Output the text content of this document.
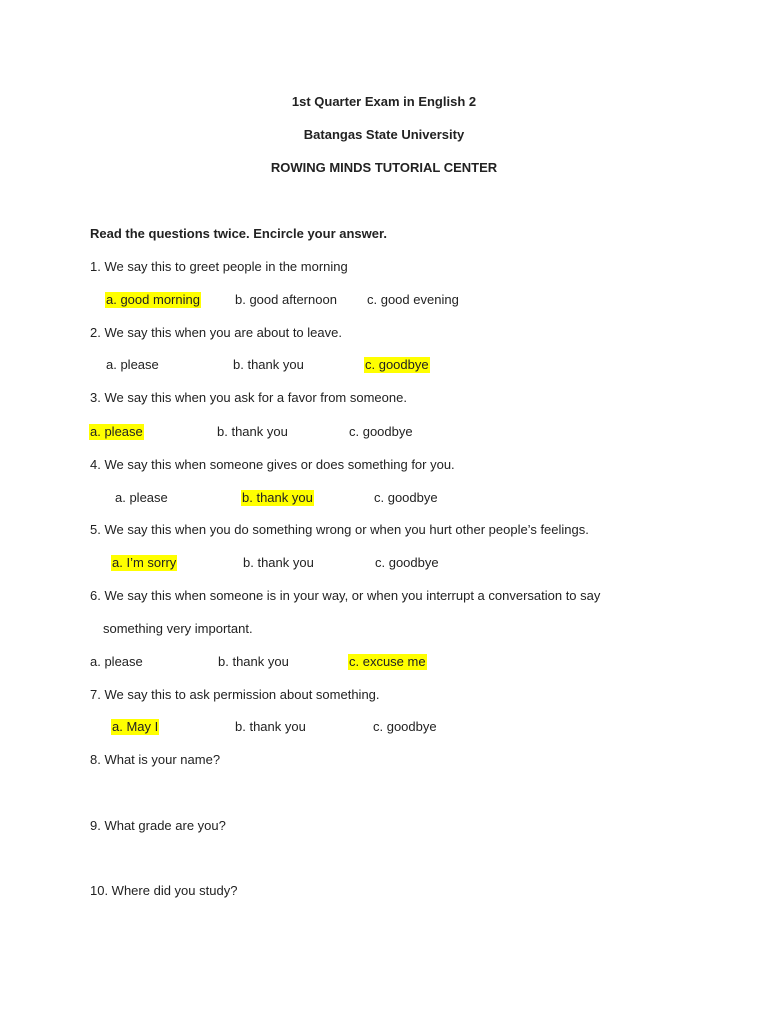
1st Quarter Exam in English 2
Batangas State University
ROWING MINDS TUTORIAL CENTER
Read the questions twice. Encircle your answer.
1. We say this to greet people in the morning
a. good morning	b. good afternoon c. good evening
2. We say this when you are about to leave.
a. please	b. thank you	c. goodbye
3. We say this when you ask for a favor from someone.
a. please	b. thank you	c. goodbye
4. We say this when someone gives or does something for you.
a. please	b. thank you	c. goodbye
5. We say this when you do something wrong or when you hurt other people’s feelings.
a. I’m sorry	b. thank you	c. goodbye
6. We say this when someone is in your way, or when you interrupt a conversation to say
something very important.
a. please	b. thank you	c. excuse me
7. We say this to ask permission about something.
a. May I	b. thank you	c. goodbye
8. What is your name?
9. What grade are you?
10. Where did you study?
